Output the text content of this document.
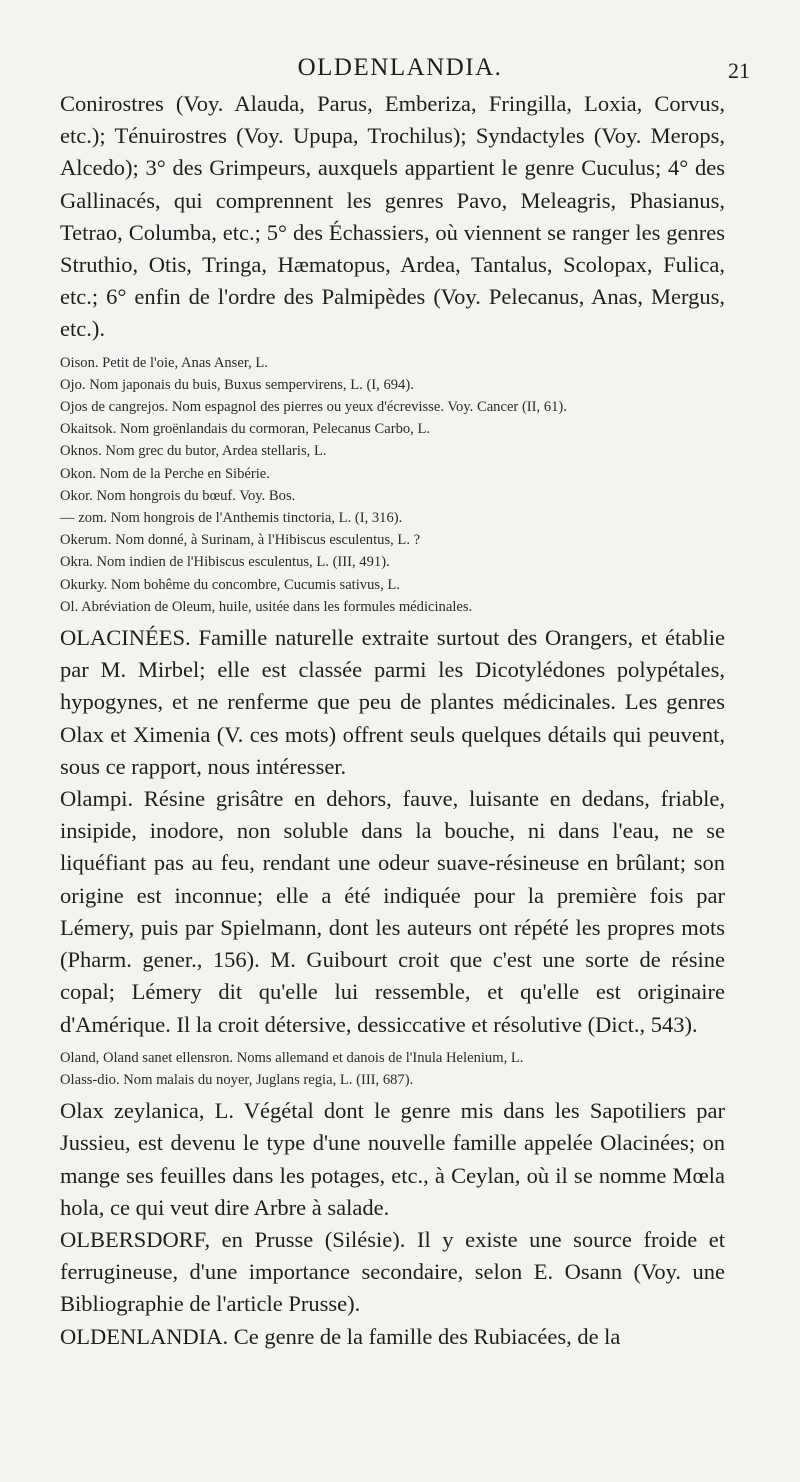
OLDENLANDIA.	21

Conirostres (Voy. Alauda, Parus, Emberiza, Fringilla, Loxia, Corvus, etc.); Ténuirostres (Voy. Upupa, Trochilus); Syndactyles (Voy. Merops, Alcedo); 3° des Grimpeurs, auxquels appartient le genre Cuculus; 4° des Gallinacés, qui comprennent les genres Pavo, Meleagris, Phasianus, Tetrao, Columba, etc.; 5° des Échassiers, où viennent se ranger les genres Struthio, Otis, Tringa, Hæmatopus, Ardea, Tantalus, Scolopax, Fulica, etc.; 6° enfin de l'ordre des Palmipèdes (Voy. Pelecanus, Anas, Mergus, etc.).

Oison. Petit de l'oie, Anas Anser, L.

Ojo. Nom japonais du buis, Buxus sempervirens, L. (I, 694).

Ojos de cangrejos. Nom espagnol des pierres ou yeux d'écrevisse. Voy. Cancer (II, 61).

Okaitsok. Nom groënlandais du cormoran, Pelecanus Carbo, L.

Oknos. Nom grec du butor, Ardea stellaris, L.

Okon. Nom de la Perche en Sibérie.

Okor. Nom hongrois du bœuf. Voy. Bos.

— zom. Nom hongrois de l'Anthemis tinctoria, L. (I, 316).

Okerum. Nom donné, à Surinam, à l'Hibiscus esculentus, L. ?

Okra. Nom indien de l'Hibiscus esculentus, L. (III, 491).

Okurky. Nom bohême du concombre, Cucumis sativus, L.

Ol. Abréviation de Oleum, huile, usitée dans les formules médicinales.

OLACINÉES. Famille naturelle extraite surtout des Orangers, et établie par M. Mirbel; elle est classée parmi les Dicotylédones polypétales, hypogynes, et ne renferme que peu de plantes médicinales. Les genres Olax et Ximenia (V. ces mots) offrent seuls quelques détails qui peuvent, sous ce rapport, nous intéresser.

Olampi. Résine grisâtre en dehors, fauve, luisante en dedans, friable, insipide, inodore, non soluble dans la bouche, ni dans l'eau, ne se liquéfiant pas au feu, rendant une odeur suave-résineuse en brûlant; son origine est inconnue; elle a été indiquée pour la première fois par Lémery, puis par Spielmann, dont les auteurs ont répété les propres mots (Pharm. gener., 156). M. Guibourt croit que c'est une sorte de résine copal; Lémery dit qu'elle lui ressemble, et qu'elle est originaire d'Amérique. Il la croit détersive, dessiccative et résolutive (Dict., 543).

Oland, Oland sanet ellensron. Noms allemand et danois de l'Inula Helenium, L.

Olass-dio. Nom malais du noyer, Juglans regia, L. (III, 687).

Olax zeylanica, L. Végétal dont le genre mis dans les Sapotiliers par Jussieu, est devenu le type d'une nouvelle famille appelée Olacinées; on mange ses feuilles dans les potages, etc., à Ceylan, où il se nomme Mœla hola, ce qui veut dire Arbre à salade.

OLBERSDORF, en Prusse (Silésie). Il y existe une source froide et ferrugineuse, d'une importance secondaire, selon E. Osann (Voy. une Bibliographie de l'article Prusse).

OLDENLANDIA. Ce genre de la famille des Rubiacées, de la
